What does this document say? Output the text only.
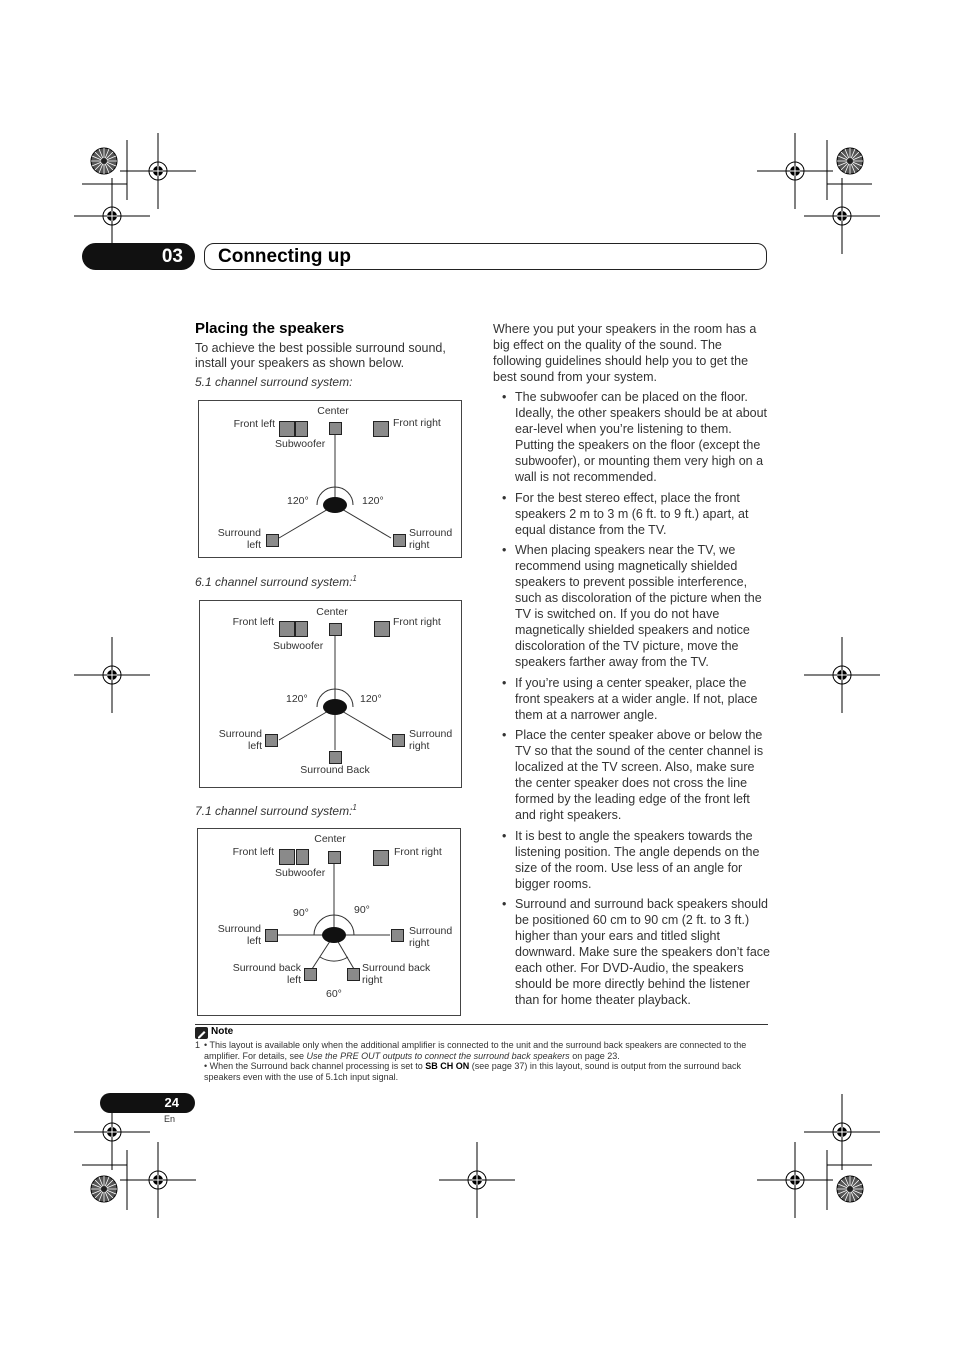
03	Connecting up
Placing the speakers
To achieve the best possible surround sound, install your speakers as shown below.
5.1 channel surround system:
Center
Front left	Front right
Subwoofer
120°	120°
Surround
left
Surround
right
6.1 channel surround system:$^1$
Center
Front left	Front right
Subwoofer
120°	120°
Surround
left
Surround
right
Surround Back
7.1 channel surround system:$^1$
Center
Front left	Front right
Subwoofer
90°	90°
Surround
left
Surround
right
Surround back
left
Surround back
right
60°
Where you put your speakers in the room has a big effect on the quality of the sound. The following guidelines should help you to get the best sound from your system.
• The subwoofer can be placed on the floor. Ideally, the other speakers should be at about ear-level when you’re listening to them. Putting the speakers on the floor (except the subwoofer), or mounting them very high on a wall is not recommended.
• For the best stereo effect, place the front speakers 2 m to 3 m (6 ft. to 9 ft.) apart, at equal distance from the TV.
• When placing speakers near the TV, we recommend using magnetically shielded speakers to prevent possible interference, such as discoloration of the picture when the TV is switched on. If you do not have magnetically shielded speakers and notice discoloration of the TV picture, move the speakers farther away from the TV.
• If you’re using a center speaker, place the front speakers at a wider angle. If not, place them at a narrower angle.
• Place the center speaker above or below the TV so that the sound of the center channel is localized at the TV screen. Also, make sure the center speaker does not cross the line formed by the leading edge of the front left and right speakers.
• It is best to angle the speakers towards the listening position. The angle depends on the size of the room. Use less of an angle for bigger rooms.
• Surround and surround back speakers should be positioned 60 cm to 90 cm (2 ft. to 3 ft.) higher than your ears and titled slight downward. Make sure the speakers don’t face each other. For DVD-Audio, the speakers should be more directly behind the listener than for home theater playback.
Note
1 • This layout is available only when the additional amplifier is connected to the unit and the surround back speakers are connected to the amplifier. For details, see Use the PRE OUT outputs to connect the surround back speakers on page 23.
• When the Surround back channel processing is set to SB CH ON (see page 37) in this layout, sound is output from the surround back speakers even with the use of 5.1ch input signal.
24
En
